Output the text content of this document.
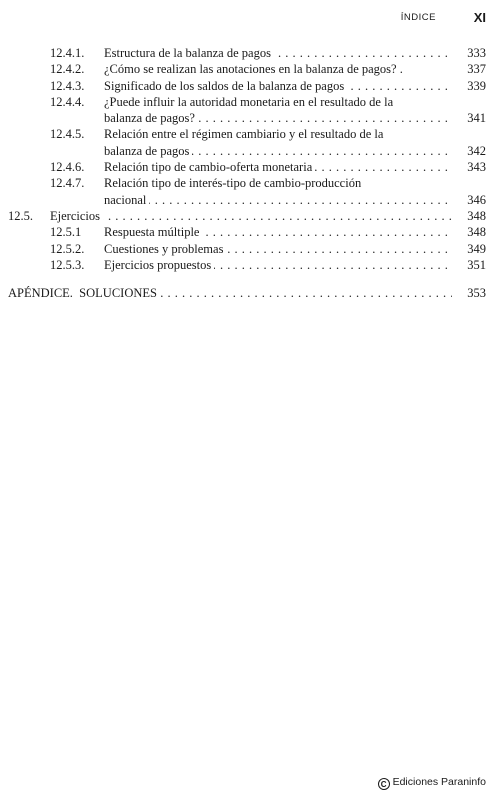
ÍNDICE	XI
12.4.1. Estructura de la balanza de pagos . . .	333
12.4.2. ¿Cómo se realizan las anotaciones en la balanza de pagos? .	337
12.4.3. Significado de los saldos de la balanza de pagos . . .	339
12.4.4. ¿Puede influir la autoridad monetaria en el resultado de la
balanza de pagos? . . .	341
12.4.5. Relación entre el régimen cambiario y el resultado de la
balanza de pagos . . .	342
12.4.6. Relación tipo de cambio-oferta monetaria . . .	343
12.4.7. Relación tipo de interés-tipo de cambio-producción
nacional . . .	346
12.5. Ejercicios . . .	348
12.5.1 Respuesta múltiple . . .	348
12.5.2. Cuestiones y problemas . . .	349
12.5.3. Ejercicios propuestos . . .	351
APÉNDICE.  SOLUCIONES . . .	353
C Ediciones Paraninfo
